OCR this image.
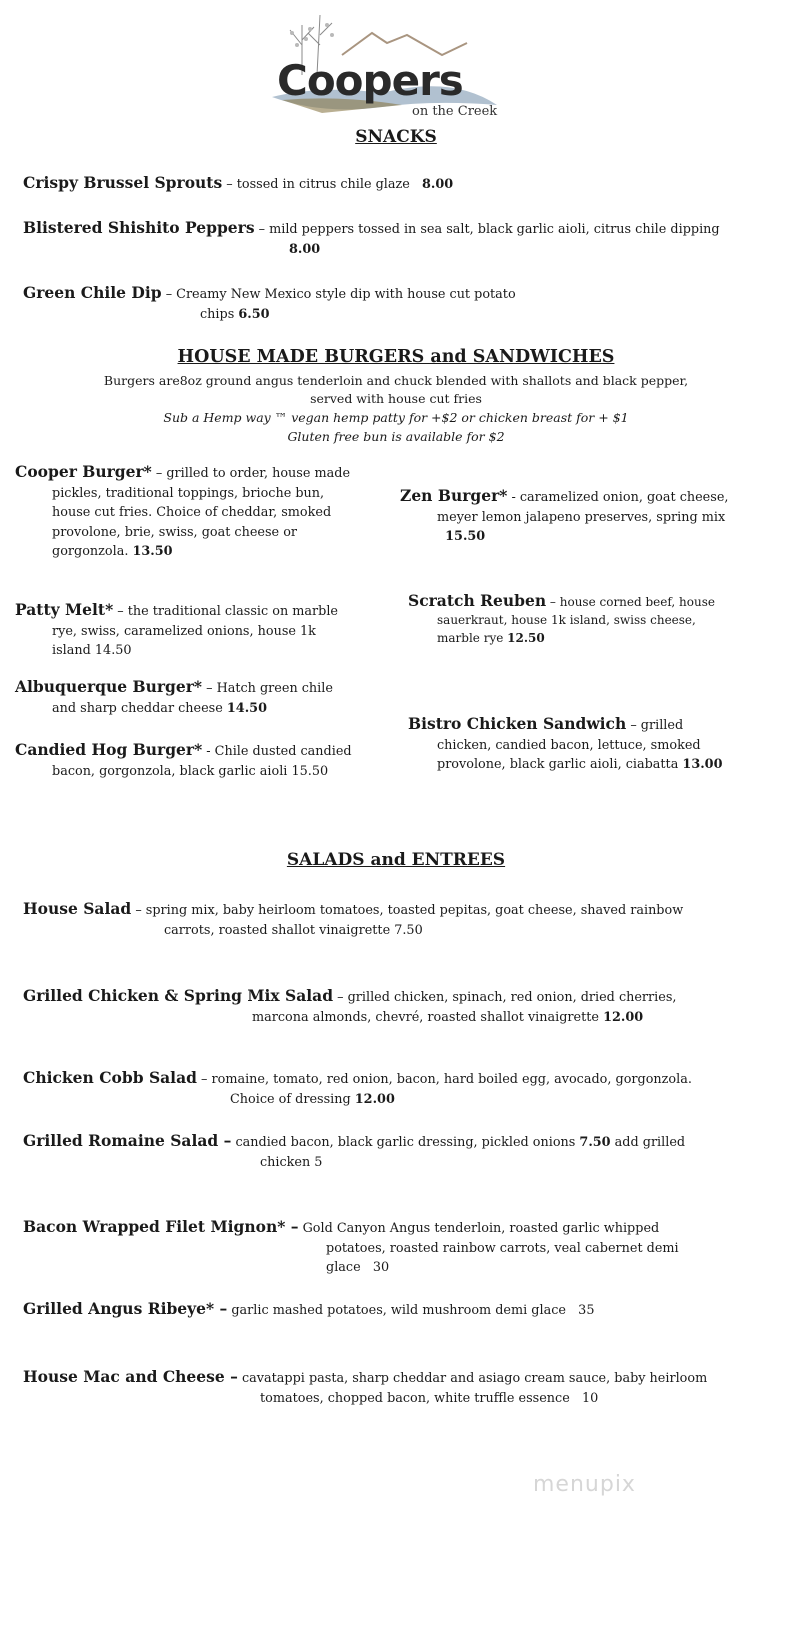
Coopers
on the Creek
SNACKS
Crispy Brussel Sprouts – tossed in citrus chile glaze 8.00
Blistered Shishito Peppers – mild peppers tossed in sea salt, black garlic aioli, citrus chile dipping   8.00
Green Chile Dip – Creamy New Mexico style dip with house cut potato chips 6.50
HOUSE MADE BURGERS and SANDWICHES
Burgers are8oz ground angus tenderloin and chuck blended with shallots and black pepper,
served with house cut fries
Sub a Hemp way ™ vegan hemp patty for +$2 or chicken breast for + $1
Gluten free bun is available for $2
Cooper Burger* – grilled to order, house made pickles, traditional toppings, brioche bun, house cut fries. Choice of cheddar, smoked provolone, brie, swiss, goat cheese or gorgonzola. 13.50
Patty Melt* – the traditional classic on marble rye, swiss, caramelized onions, house 1k island 14.50
Albuquerque Burger* – Hatch green chile and sharp cheddar cheese 14.50
Candied Hog Burger* - Chile dusted candied bacon, gorgonzola, black garlic aioli 15.50
Zen Burger* - caramelized onion, goat cheese, meyer lemon jalapeno preserves, spring mix   15.50
Scratch Reuben – house corned beef, house sauerkraut, house 1k island, swiss cheese, marble rye 12.50
Bistro Chicken Sandwich – grilled chicken, candied bacon, lettuce, smoked provolone, black garlic aioli, ciabatta 13.00
SALADS and ENTREES
House Salad – spring mix, baby heirloom tomatoes, toasted pepitas, goat cheese, shaved rainbow carrots, roasted shallot vinaigrette 7.50
Grilled Chicken & Spring Mix Salad – grilled chicken, spinach, red onion, dried cherries, marcona almonds, chevré, roasted shallot vinaigrette 12.00
Chicken Cobb Salad – romaine, tomato, red onion, bacon, hard boiled egg, avocado, gorgonzola. Choice of dressing 12.00
Grilled Romaine Salad – candied bacon, black garlic dressing, pickled onions 7.50 add grilled chicken 5
Bacon Wrapped Filet Mignon* – Gold Canyon Angus tenderloin, roasted garlic whipped potatoes, roasted rainbow carrots, veal cabernet demi glace 30
Grilled Angus Ribeye* – garlic mashed potatoes, wild mushroom demi glace 35
House Mac and Cheese – cavatappi pasta, sharp cheddar and asiago cream sauce, baby heirloom tomatoes, chopped bacon, white truffle essence 10
menupix
